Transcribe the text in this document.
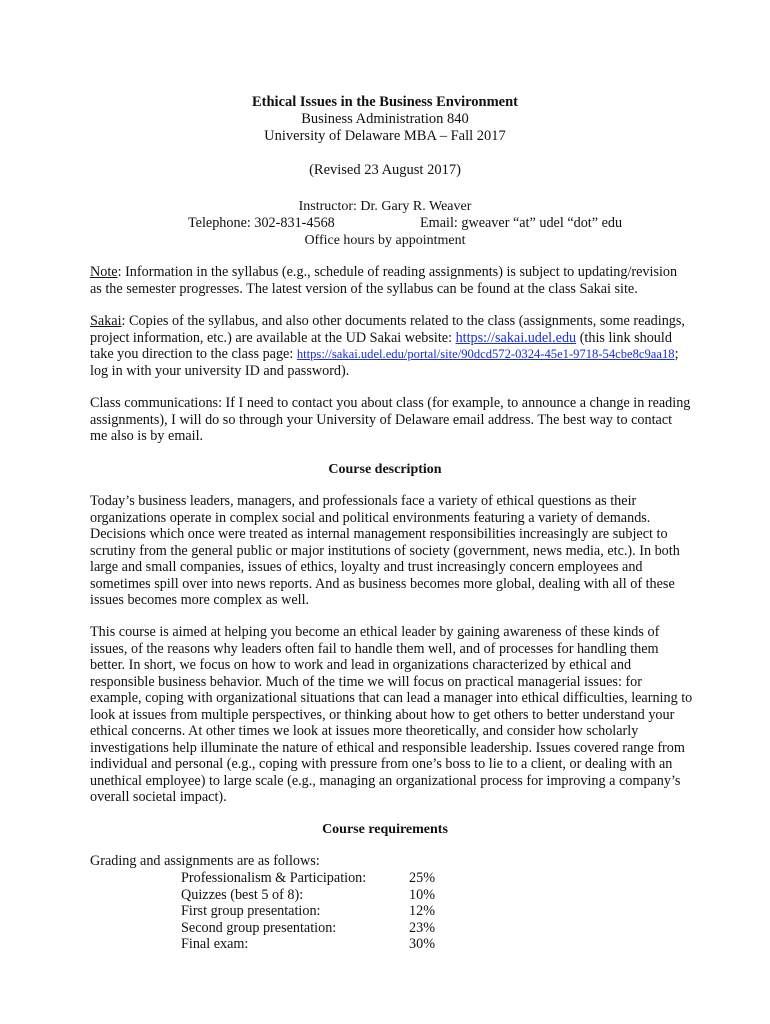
Ethical Issues in the Business Environment
Business Administration 840
University of Delaware MBA – Fall 2017
(Revised 23 August 2017)
Instructor: Dr. Gary R. Weaver
Telephone: 302-831-4568	Email: gweaver “at” udel “dot” edu
Office hours by appointment
Note: Information in the syllabus (e.g., schedule of reading assignments) is subject to updating/revision
as the semester progresses. The latest version of the syllabus can be found at the class Sakai site.
Sakai: Copies of the syllabus, and also other documents related to the class (assignments, some readings,
project information, etc.) are available at the UD Sakai website: https://sakai.udel.edu (this link should
take you direction to the class page: https://sakai.udel.edu/portal/site/90dcd572-0324-45e1-9718-54cbe8c9aa18;
log in with your university ID and password).
Class communications: If I need to contact you about class (for example, to announce a change in reading
assignments), I will do so through your University of Delaware email address. The best way to contact
me also is by email.
Course description
Today’s business leaders, managers, and professionals face a variety of ethical questions as their
organizations operate in complex social and political environments featuring a variety of demands.
Decisions which once were treated as internal management responsibilities increasingly are subject to
scrutiny from the general public or major institutions of society (government, news media, etc.). In both
large and small companies, issues of ethics, loyalty and trust increasingly concern employees and
sometimes spill over into news reports. And as business becomes more global, dealing with all of these
issues becomes more complex as well.
This course is aimed at helping you become an ethical leader by gaining awareness of these kinds of
issues, of the reasons why leaders often fail to handle them well, and of processes for handling them
better. In short, we focus on how to work and lead in organizations characterized by ethical and
responsible business behavior. Much of the time we will focus on practical managerial issues: for
example, coping with organizational situations that can lead a manager into ethical difficulties, learning to
look at issues from multiple perspectives, or thinking about how to get others to better understand your
ethical concerns. At other times we look at issues more theoretically, and consider how scholarly
investigations help illuminate the nature of ethical and responsible leadership. Issues covered range from
individual and personal (e.g., coping with pressure from one’s boss to lie to a client, or dealing with an
unethical employee) to large scale (e.g., managing an organizational process for improving a company’s
overall societal impact).
Course requirements
Grading and assignments are as follows:
Professionalism & Participation:	25%
Quizzes (best 5 of 8):	10%
First group presentation:	12%
Second group presentation:	23%
Final exam:	30%
